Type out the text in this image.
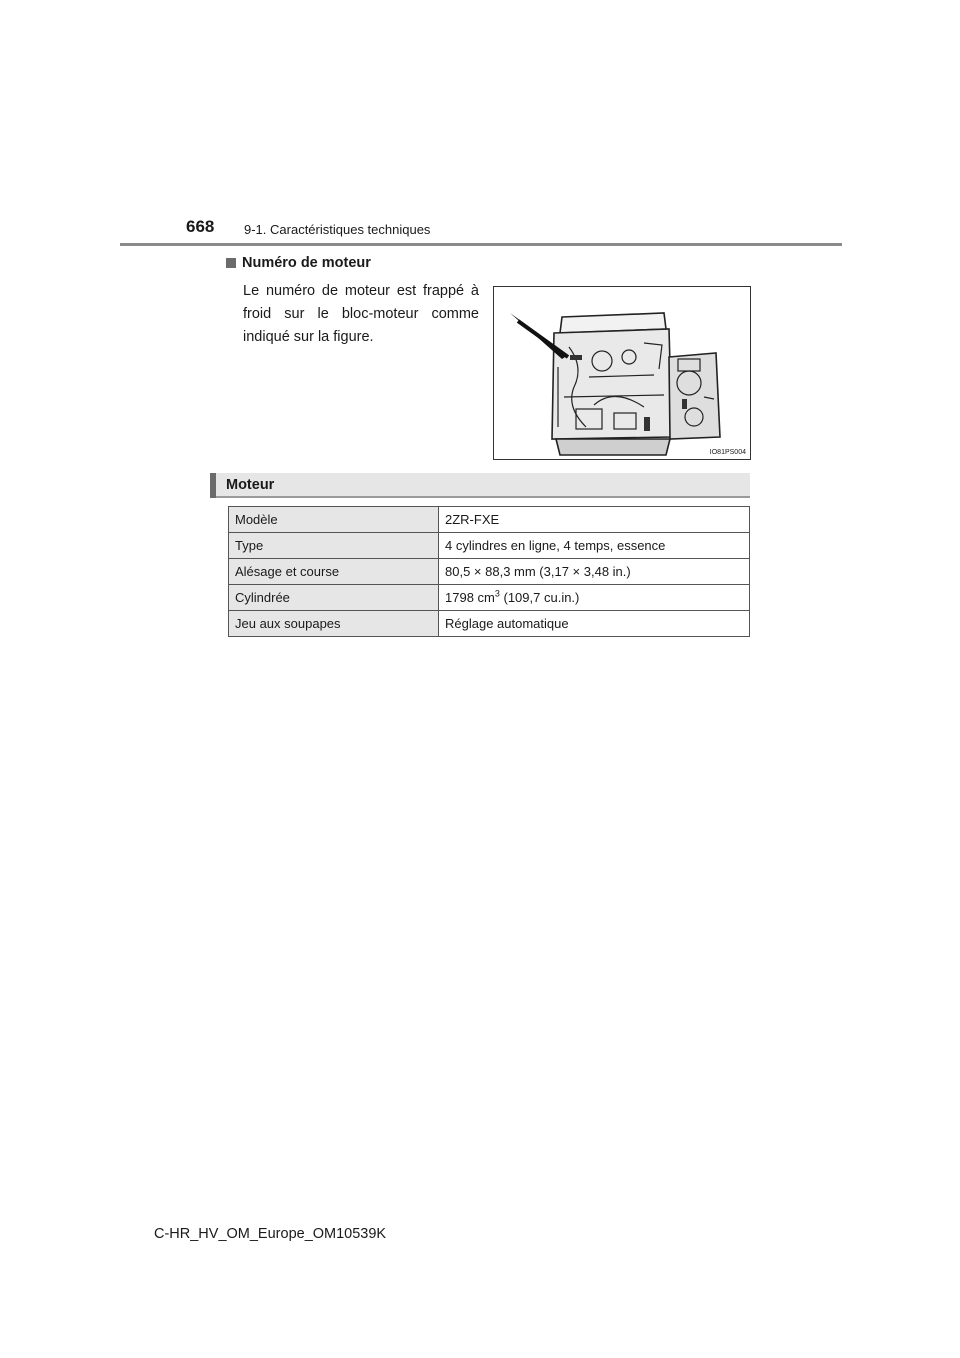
668 9-1. Caractéristiques techniques
Numéro de moteur
Le numéro de moteur est frappé à froid sur le bloc-moteur comme indiqué sur la figure.
IO81PS004
Moteur
Modèle	2ZR-FXE
Type	4 cylindres en ligne, 4 temps, essence
Alésage et course	80,5 × 88,3 mm (3,17 × 3,48 in.)
Cylindrée	1798 $cm^3$ (109,7 cu.in.)
Jeu aux soupapes	Réglage automatique
C-HR_HV_OM_Europe_OM10539K
